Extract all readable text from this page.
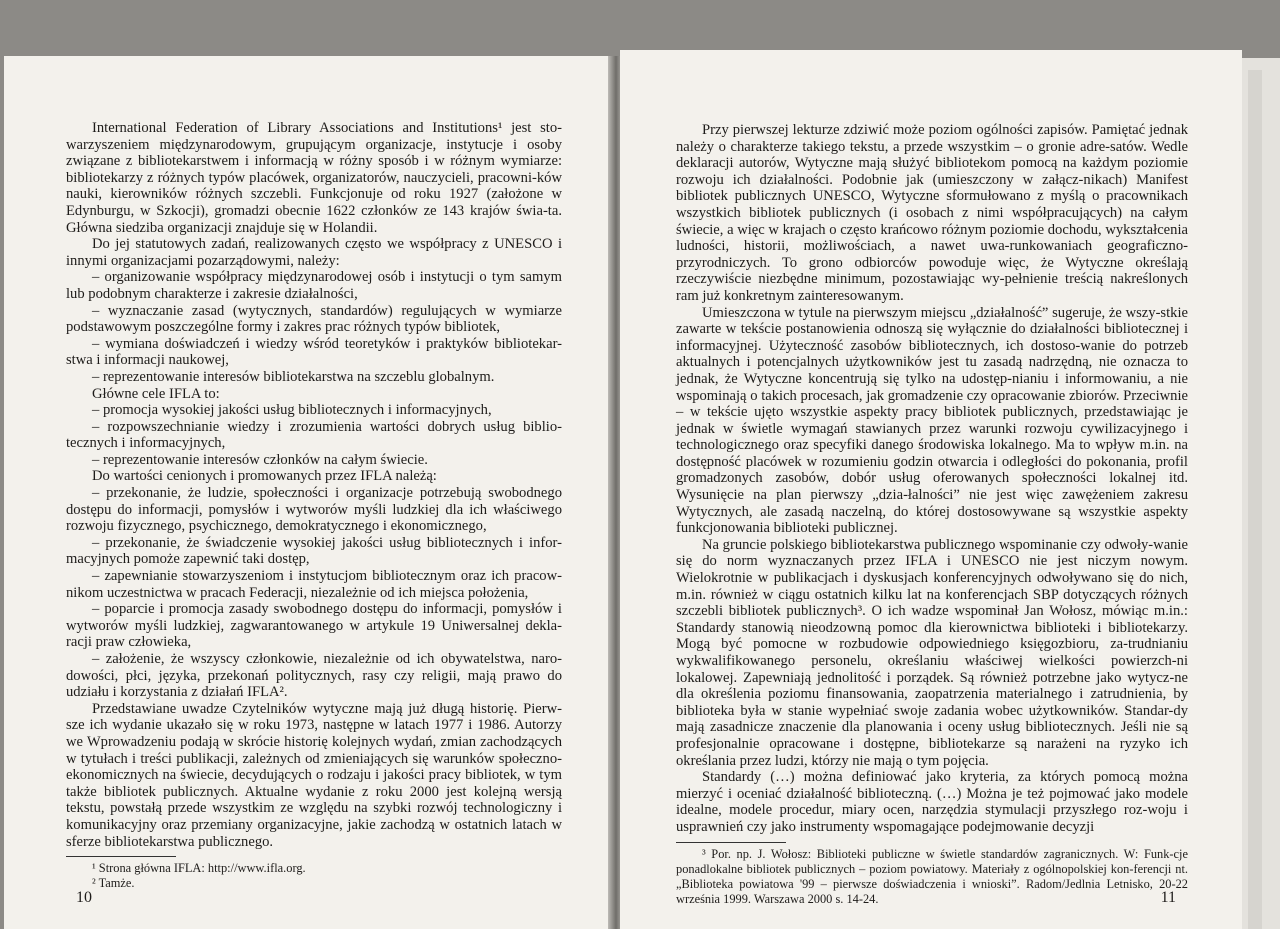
International Federation of Library Associations and Institutions¹ jest sto-warzyszeniem międzynarodowym, grupującym organizacje, instytucje i osoby związane z bibliotekarstwem i informacją w różny sposób i w różnym wymiarze: bibliotekarzy z różnych typów placówek, organizatorów, nauczycieli, pracowni-ków nauki, kierowników różnych szczebli. Funkcjonuje od roku 1927 (założone w Edynburgu, w Szkocji), gromadzi obecnie 1622 członków ze 143 krajów świa-ta. Główna siedziba organizacji znajduje się w Holandii.

Do jej statutowych zadań, realizowanych często we współpracy z UNESCO i innymi organizacjami pozarządowymi, należy:

– organizowanie współpracy międzynarodowej osób i instytucji o tym samym lub podobnym charakterze i zakresie działalności,

– wyznaczanie zasad (wytycznych, standardów) regulujących w wymiarze podstawowym poszczególne formy i zakres prac różnych typów bibliotek,

– wymiana doświadczeń i wiedzy wśród teoretyków i praktyków bibliotekar-stwa i informacji naukowej,

– reprezentowanie interesów bibliotekarstwa na szczeblu globalnym.

Główne cele IFLA to:

– promocja wysokiej jakości usług bibliotecznych i informacyjnych,

– rozpowszechnianie wiedzy i zrozumienia wartości dobrych usług biblio-tecznych i informacyjnych,

– reprezentowanie interesów członków na całym świecie.

Do wartości cenionych i promowanych przez IFLA należą:

– przekonanie, że ludzie, społeczności i organizacje potrzebują swobodnego dostępu do informacji, pomysłów i wytworów myśli ludzkiej dla ich właściwego rozwoju fizycznego, psychicznego, demokratycznego i ekonomicznego,

– przekonanie, że świadczenie wysokiej jakości usług bibliotecznych i infor-macyjnych pomoże zapewnić taki dostęp,

– zapewnianie stowarzyszeniom i instytucjom bibliotecznym oraz ich pracow-nikom uczestnictwa w pracach Federacji, niezależnie od ich miejsca położenia,

– poparcie i promocja zasady swobodnego dostępu do informacji, pomysłów i wytworów myśli ludzkiej, zagwarantowanego w artykule 19 Uniwersalnej dekla-racji praw człowieka,

– założenie, że wszyscy członkowie, niezależnie od ich obywatelstwa, naro-dowości, płci, języka, przekonań politycznych, rasy czy religii, mają prawo do udziału i korzystania z działań IFLA².

Przedstawiane uwadze Czytelników wytyczne mają już długą historię. Pierw-sze ich wydanie ukazało się w roku 1973, następne w latach 1977 i 1986. Autorzy we Wprowadzeniu podają w skrócie historię kolejnych wydań, zmian zachodzących w tytułach i treści publikacji, zależnych od zmieniających się warunków społeczno-ekonomicznych na świecie, decydujących o rodzaju i jakości pracy bibliotek, w tym także bibliotek publicznych. Aktualne wydanie z roku 2000 jest kolejną wersją tekstu, powstałą przede wszystkim ze względu na szybki rozwój technologiczny i komunikacyjny oraz przemiany organizacyjne, jakie zachodzą w ostatnich latach w sferze bibliotekarstwa publicznego.

¹ Strona główna IFLA: http://www.ifla.org.

² Tamże.

10

Przy pierwszej lekturze zdziwić może poziom ogólności zapisów. Pamiętać jednak należy o charakterze takiego tekstu, a przede wszystkim – o gronie adre-satów. Wedle deklaracji autorów, Wytyczne mają służyć bibliotekom pomocą na każdym poziomie rozwoju ich działalności. Podobnie jak (umieszczony w załącz-nikach) Manifest bibliotek publicznych UNESCO, Wytyczne sformułowano z myślą o pracownikach wszystkich bibliotek publicznych (i osobach z nimi współpracujących) na całym świecie, a więc w krajach o często krańcowo różnym poziomie dochodu, wykształcenia ludności, historii, możliwościach, a nawet uwa-runkowaniach geograficzno-przyrodniczych. To grono odbiorców powoduje więc, że Wytyczne określają rzeczywiście niezbędne minimum, pozostawiając wy-pełnienie treścią nakreślonych ram już konkretnym zainteresowanym.

Umieszczona w tytule na pierwszym miejscu „działalność” sugeruje, że wszy-stkie zawarte w tekście postanowienia odnoszą się wyłącznie do działalności bibliotecznej i informacyjnej. Użyteczność zasobów bibliotecznych, ich dostoso-wanie do potrzeb aktualnych i potencjalnych użytkowników jest tu zasadą nadrzędną, nie oznacza to jednak, że Wytyczne koncentrują się tylko na udostęp-nianiu i informowaniu, a nie wspominają o takich procesach, jak gromadzenie czy opracowanie zbiorów. Przeciwnie – w tekście ujęto wszystkie aspekty pracy bibliotek publicznych, przedstawiając je jednak w świetle wymagań stawianych przez warunki rozwoju cywilizacyjnego i technologicznego oraz specyfiki danego środowiska lokalnego. Ma to wpływ m.in. na dostępność placówek w rozumieniu godzin otwarcia i odległości do pokonania, profil gromadzonych zasobów, dobór usług oferowanych społeczności lokalnej itd. Wysunięcie na plan pierwszy „dzia-łalności” nie jest więc zawężeniem zakresu Wytycznych, ale zasadą naczelną, do której dostosowywane są wszystkie aspekty funkcjonowania biblioteki publicznej.

Na gruncie polskiego bibliotekarstwa publicznego wspominanie czy odwoły-wanie się do norm wyznaczanych przez IFLA i UNESCO nie jest niczym nowym. Wielokrotnie w publikacjach i dyskusjach konferencyjnych odwoływano się do nich, m.in. również w ciągu ostatnich kilku lat na konferencjach SBP dotyczących różnych szczebli bibliotek publicznych³. O ich wadze wspominał Jan Wołosz, mówiąc m.in.: Standardy stanowią nieodzowną pomoc dla kierownictwa biblioteki i bibliotekarzy. Mogą być pomocne w rozbudowie odpowiedniego księgozbioru, za-trudnianiu wykwalifikowanego personelu, określaniu właściwej wielkości powierzch-ni lokalowej. Zapewniają jednolitość i porządek. Są również potrzebne jako wytycz-ne dla określenia poziomu finansowania, zaopatrzenia materialnego i zatrudnienia, by biblioteka była w stanie wypełniać swoje zadania wobec użytkowników. Standar-dy mają zasadnicze znaczenie dla planowania i oceny usług bibliotecznych. Jeśli nie są profesjonalnie opracowane i dostępne, bibliotekarze są narażeni na ryzyko ich określania przez ludzi, którzy nie mają o tym pojęcia.

Standardy (…) można definiować jako kryteria, za których pomocą można mierzyć i oceniać działalność biblioteczną. (…) Można je też pojmować jako modele idealne, modele procedur, miary ocen, narzędzia stymulacji przyszłego roz-woju i usprawnień czy jako instrumenty wspomagające podejmowanie decyzji

³ Por. np. J. Wołosz: Biblioteki publiczne w świetle standardów zagranicznych. W: Funk-cje ponadlokalne bibliotek publicznych – poziom powiatowy. Materiały z ogólnopolskiej kon-ferencji nt. „Biblioteka powiatowa '99 – pierwsze doświadczenia i wnioski”. Radom/Jedlnia Letnisko, 20-22 września 1999. Warszawa 2000 s. 14-24.	11
